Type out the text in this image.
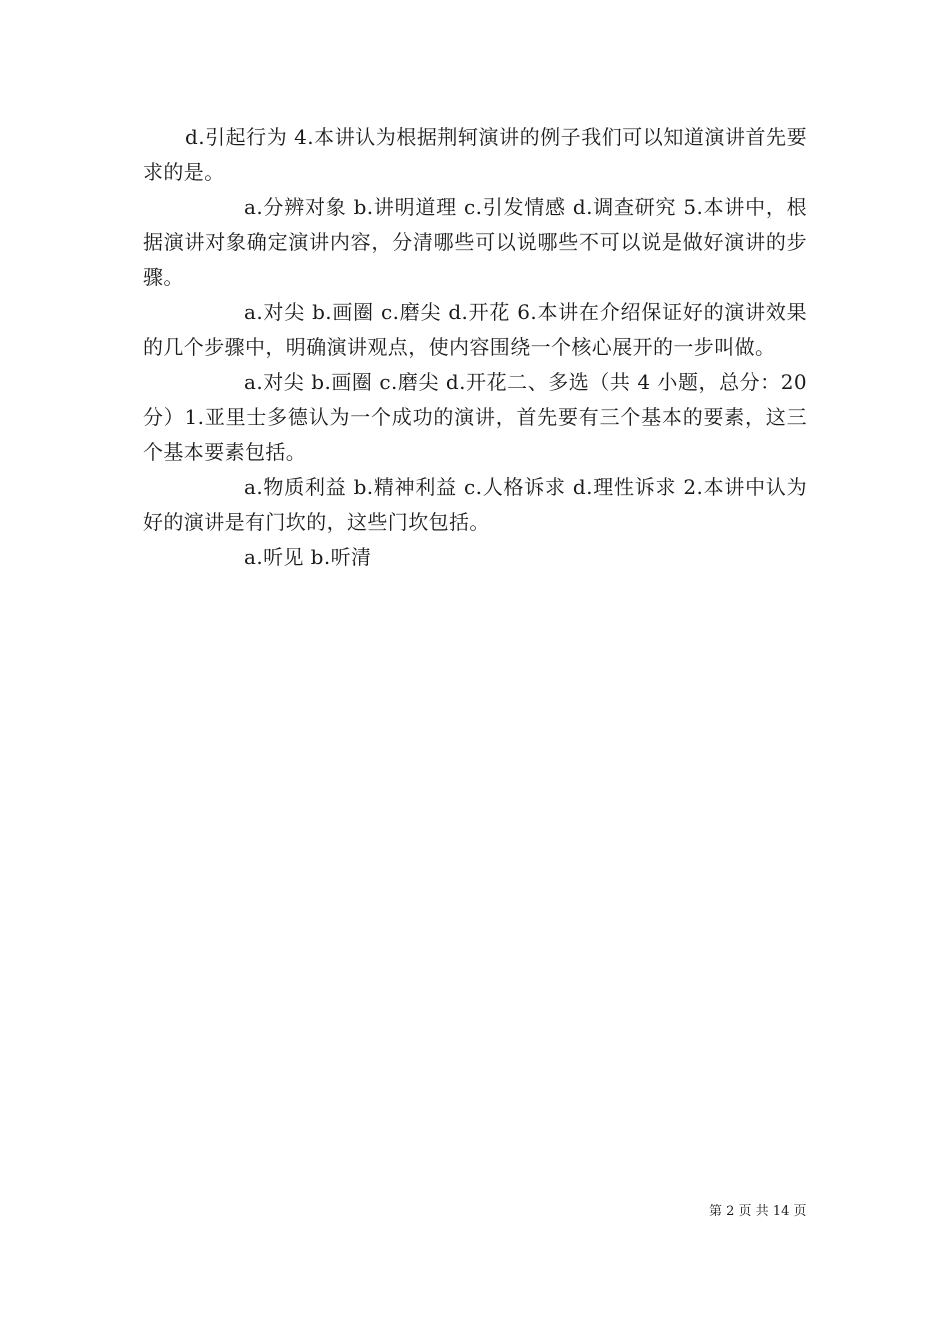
d.引起行为 4.本讲认为根据荆轲演讲的例子我们可以知道演讲首先要求的是。

a.分辨对象 b.讲明道理 c.引发情感 d.调查研究 5.本讲中，根据演讲对象确定演讲内容，分清哪些可以说哪些不可以说是做好演讲的步骤。

a.对尖 b.画圈 c.磨尖 d.开花 6.本讲在介绍保证好的演讲效果的几个步骤中，明确演讲观点，使内容围绕一个核心展开的一步叫做。

a.对尖 b.画圈 c.磨尖 d.开花二、多选（共 4 小题，总分：20 分）1.亚里士多德认为一个成功的演讲，首先要有三个基本的要素，这三个基本要素包括。

a.物质利益 b.精神利益 c.人格诉求 d.理性诉求 2.本讲中认为好的演讲是有门坎的，这些门坎包括。

a.听见 b.听清

第 2 页 共 14 页
